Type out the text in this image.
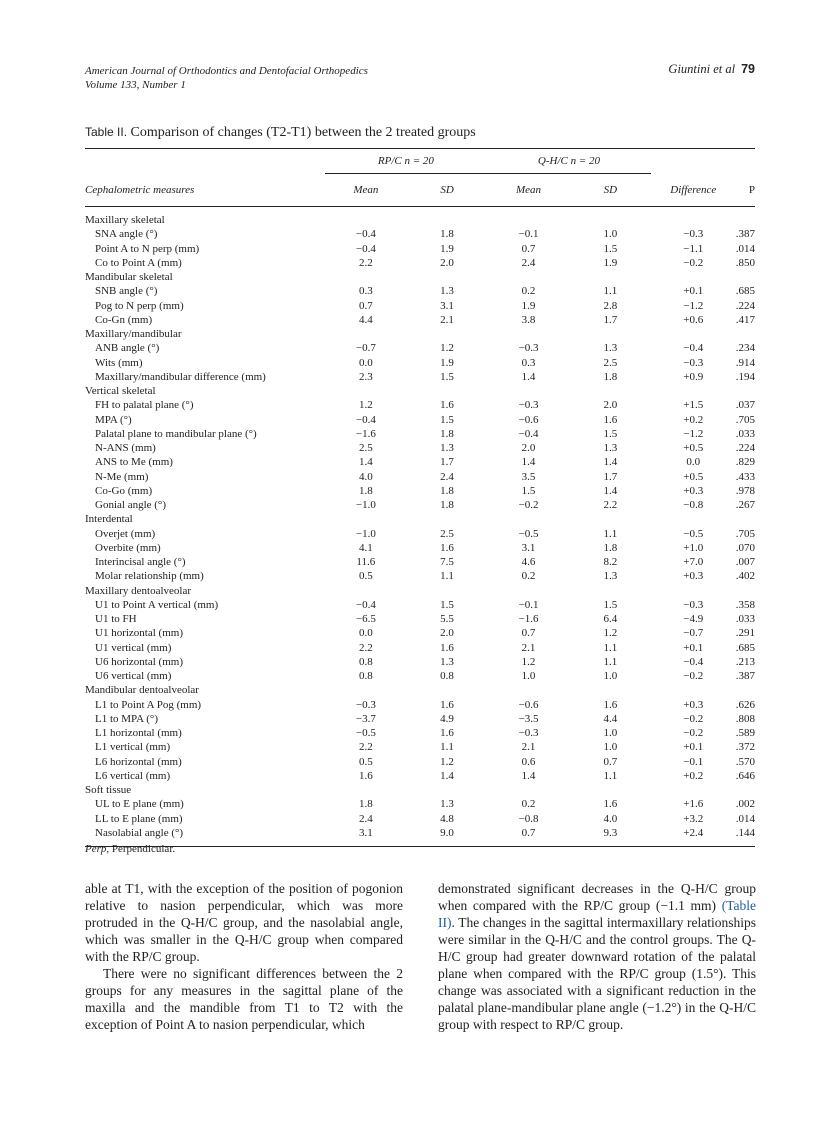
American Journal of Orthodontics and Dentofacial Orthopedics
Volume 133, Number 1
Giuntini et al 79
Table II. Comparison of changes (T2-T1) between the 2 treated groups
	RP/C n = 20		Q-H/C n = 20			
Cephalometric measures	Mean	SD	Mean	SD	Difference	P
Maxillary skeletal						
SNA angle (°)	−0.4	1.8	−0.1	1.0	−0.3	.387
Point A to N perp (mm)	−0.4	1.9	0.7	1.5	−1.1	.014
Co to Point A (mm)	2.2	2.0	2.4	1.9	−0.2	.850
Mandibular skeletal						
SNB angle (°)	0.3	1.3	0.2	1.1	+0.1	.685
Pog to N perp (mm)	0.7	3.1	1.9	2.8	−1.2	.224
Co-Gn (mm)	4.4	2.1	3.8	1.7	+0.6	.417
Maxillary/mandibular						
ANB angle (°)	−0.7	1.2	−0.3	1.3	−0.4	.234
Wits (mm)	0.0	1.9	0.3	2.5	−0.3	.914
Maxillary/mandibular difference (mm)	2.3	1.5	1.4	1.8	+0.9	.194
Vertical skeletal						
FH to palatal plane (°)	1.2	1.6	−0.3	2.0	+1.5	.037
MPA (°)	−0.4	1.5	−0.6	1.6	+0.2	.705
Palatal plane to mandibular plane (°)	−1.6	1.8	−0.4	1.5	−1.2	.033
N-ANS (mm)	2.5	1.3	2.0	1.3	+0.5	.224
ANS to Me (mm)	1.4	1.7	1.4	1.4	0.0	.829
N-Me (mm)	4.0	2.4	3.5	1.7	+0.5	.433
Co-Go (mm)	1.8	1.8	1.5	1.4	+0.3	.978
Gonial angle (°)	−1.0	1.8	−0.2	2.2	−0.8	.267
Interdental						
Overjet (mm)	−1.0	2.5	−0.5	1.1	−0.5	.705
Overbite (mm)	4.1	1.6	3.1	1.8	+1.0	.070
Interincisal angle (°)	11.6	7.5	4.6	8.2	+7.0	.007
Molar relationship (mm)	0.5	1.1	0.2	1.3	+0.3	.402
Maxillary dentoalveolar						
U1 to Point A vertical (mm)	−0.4	1.5	−0.1	1.5	−0.3	.358
U1 to FH	−6.5	5.5	−1.6	6.4	−4.9	.033
U1 horizontal (mm)	0.0	2.0	0.7	1.2	−0.7	.291
U1 vertical (mm)	2.2	1.6	2.1	1.1	+0.1	.685
U6 horizontal (mm)	0.8	1.3	1.2	1.1	−0.4	.213
U6 vertical (mm)	0.8	0.8	1.0	1.0	−0.2	.387
Mandibular dentoalveolar						
L1 to Point A Pog (mm)	−0.3	1.6	−0.6	1.6	+0.3	.626
L1 to MPA (°)	−3.7	4.9	−3.5	4.4	−0.2	.808
L1 horizontal (mm)	−0.5	1.6	−0.3	1.0	−0.2	.589
L1 vertical (mm)	2.2	1.1	2.1	1.0	+0.1	.372
L6 horizontal (mm)	0.5	1.2	0.6	0.7	−0.1	.570
L6 vertical (mm)	1.6	1.4	1.4	1.1	+0.2	.646
Soft tissue						
UL to E plane (mm)	1.8	1.3	0.2	1.6	+1.6	.002
LL to E plane (mm)	2.4	4.8	−0.8	4.0	+3.2	.014
Nasolabial angle (°)	3.1	9.0	0.7	9.3	+2.4	.144
Perp, Perpendicular.

able at T1, with the exception of the position of pogonion relative to nasion perpendicular, which was more protruded in the Q-H/C group, and the nasolabial angle, which was smaller in the Q-H/C group when compared with the RP/C group.

There were no significant differences between the 2 groups for any measures in the sagittal plane of the maxilla and the mandible from T1 to T2 with the exception of Point A to nasion perpendicular, which

demonstrated significant decreases in the Q-H/C group when compared with the RP/C group (−1.1 mm) (Table II). The changes in the sagittal intermaxillary relationships were similar in the Q-H/C and the control groups. The Q-H/C group had greater downward rotation of the palatal plane when compared with the RP/C group (1.5°). This change was associated with a significant reduction in the palatal plane-mandibular plane angle (−1.2°) in the Q-H/C group with respect to RP/C group.
